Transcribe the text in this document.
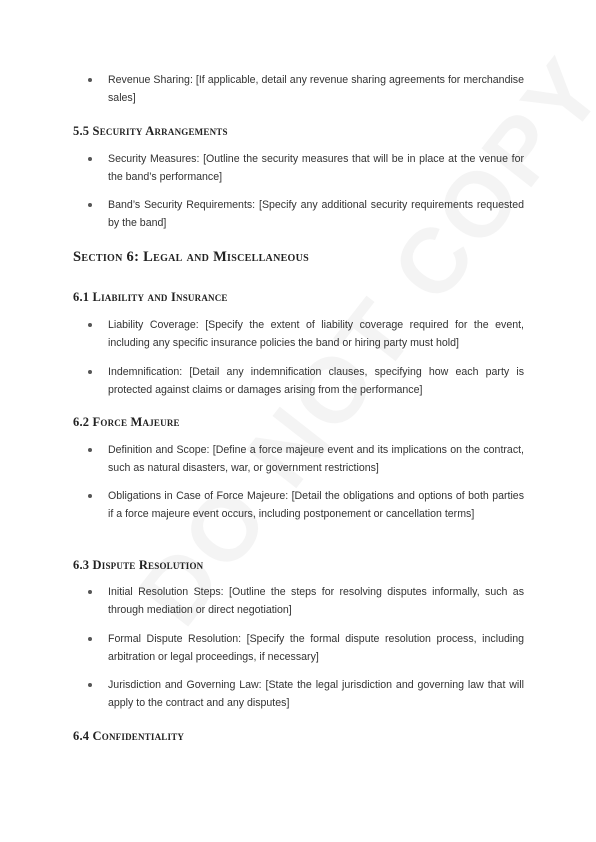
Revenue Sharing: [If applicable, detail any revenue sharing agreements for merchandise sales]

5.5 Security Arrangements

Security Measures: [Outline the security measures that will be in place at the venue for the band’s performance]

Band’s Security Requirements: [Specify any additional security requirements requested by the band]

Section 6: Legal and Miscellaneous
6.1 Liability and Insurance

Liability Coverage: [Specify the extent of liability coverage required for the event, including any specific insurance policies the band or hiring party must hold]

Indemnification: [Detail any indemnification clauses, specifying how each party is protected against claims or damages arising from the performance]

6.2 Force Majeure

Definition and Scope: [Define a force majeure event and its implications on the contract, such as natural disasters, war, or government restrictions]

Obligations in Case of Force Majeure: [Detail the obligations and options of both parties if a force majeure event occurs, including postponement or cancellation terms]

6.3 Dispute Resolution

Initial Resolution Steps: [Outline the steps for resolving disputes informally, such as through mediation or direct negotiation]

Formal Dispute Resolution: [Specify the formal dispute resolution process, including arbitration or legal proceedings, if necessary]

Jurisdiction and Governing Law: [State the legal jurisdiction and governing law that will apply to the contract and any disputes]

6.4 Confidentiality
